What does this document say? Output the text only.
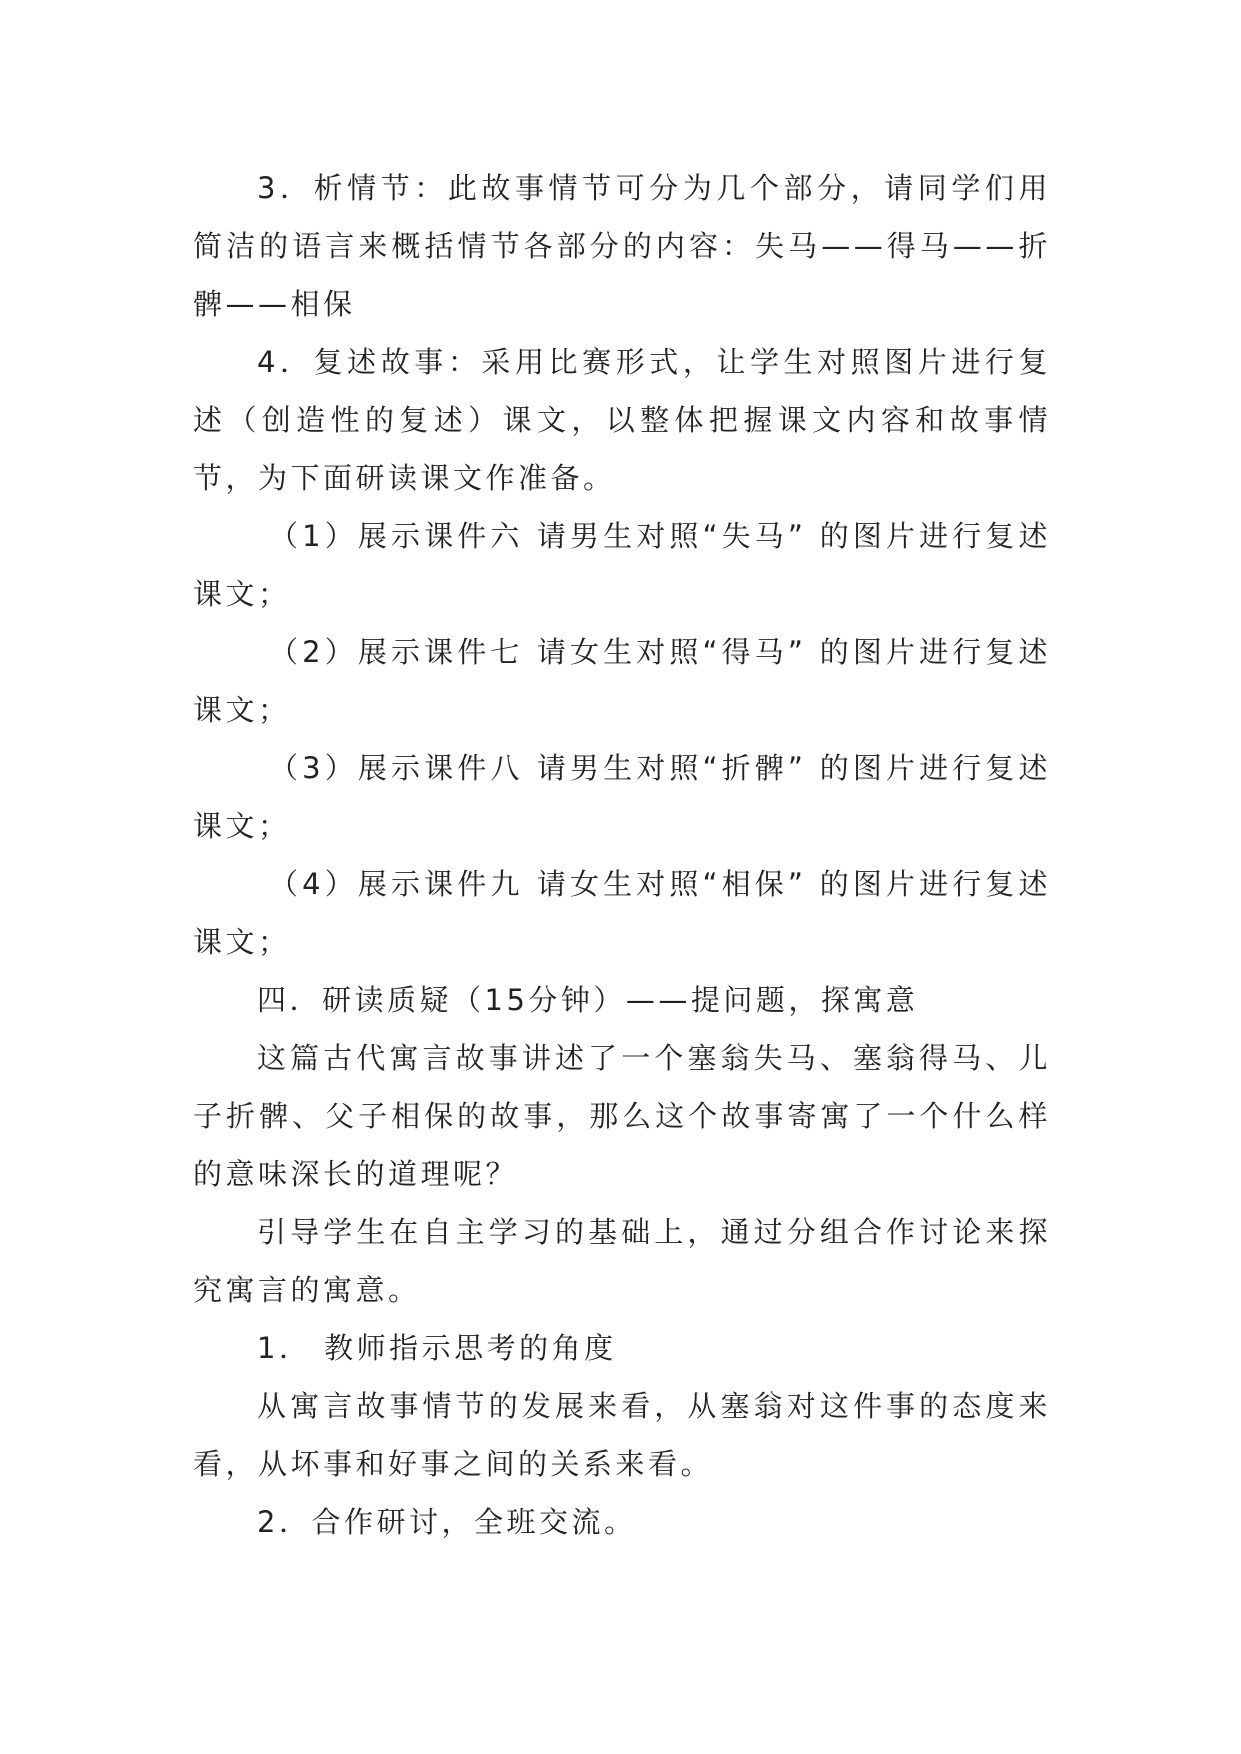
3．析情节：此故事情节可分为几个部分，请同学们用简洁的语言来概括情节各部分的内容：失马——得马——折髀——相保

4．复述故事：采用比赛形式，让学生对照图片进行复述（创造性的复述）课文，以整体把握课文内容和故事情节，为下面研读课文作准备。

（1）展示课件六 请男生对照“失马” 的图片进行复述课文；

（2）展示课件七 请女生对照“得马” 的图片进行复述课文；

（3）展示课件八 请男生对照“折髀” 的图片进行复述课文；

（4）展示课件九 请女生对照“相保” 的图片进行复述课文；

四．研读质疑（15分钟）——提问题，探寓意

这篇古代寓言故事讲述了一个塞翁失马、塞翁得马、儿子折髀、父子相保的故事，那么这个故事寄寓了一个什么样的意味深长的道理呢？

引导学生在自主学习的基础上，通过分组合作讨论来探究寓言的寓意。

1． 教师指示思考的角度

从寓言故事情节的发展来看，从塞翁对这件事的态度来看，从坏事和好事之间的关系来看。

2．合作研讨，全班交流。
